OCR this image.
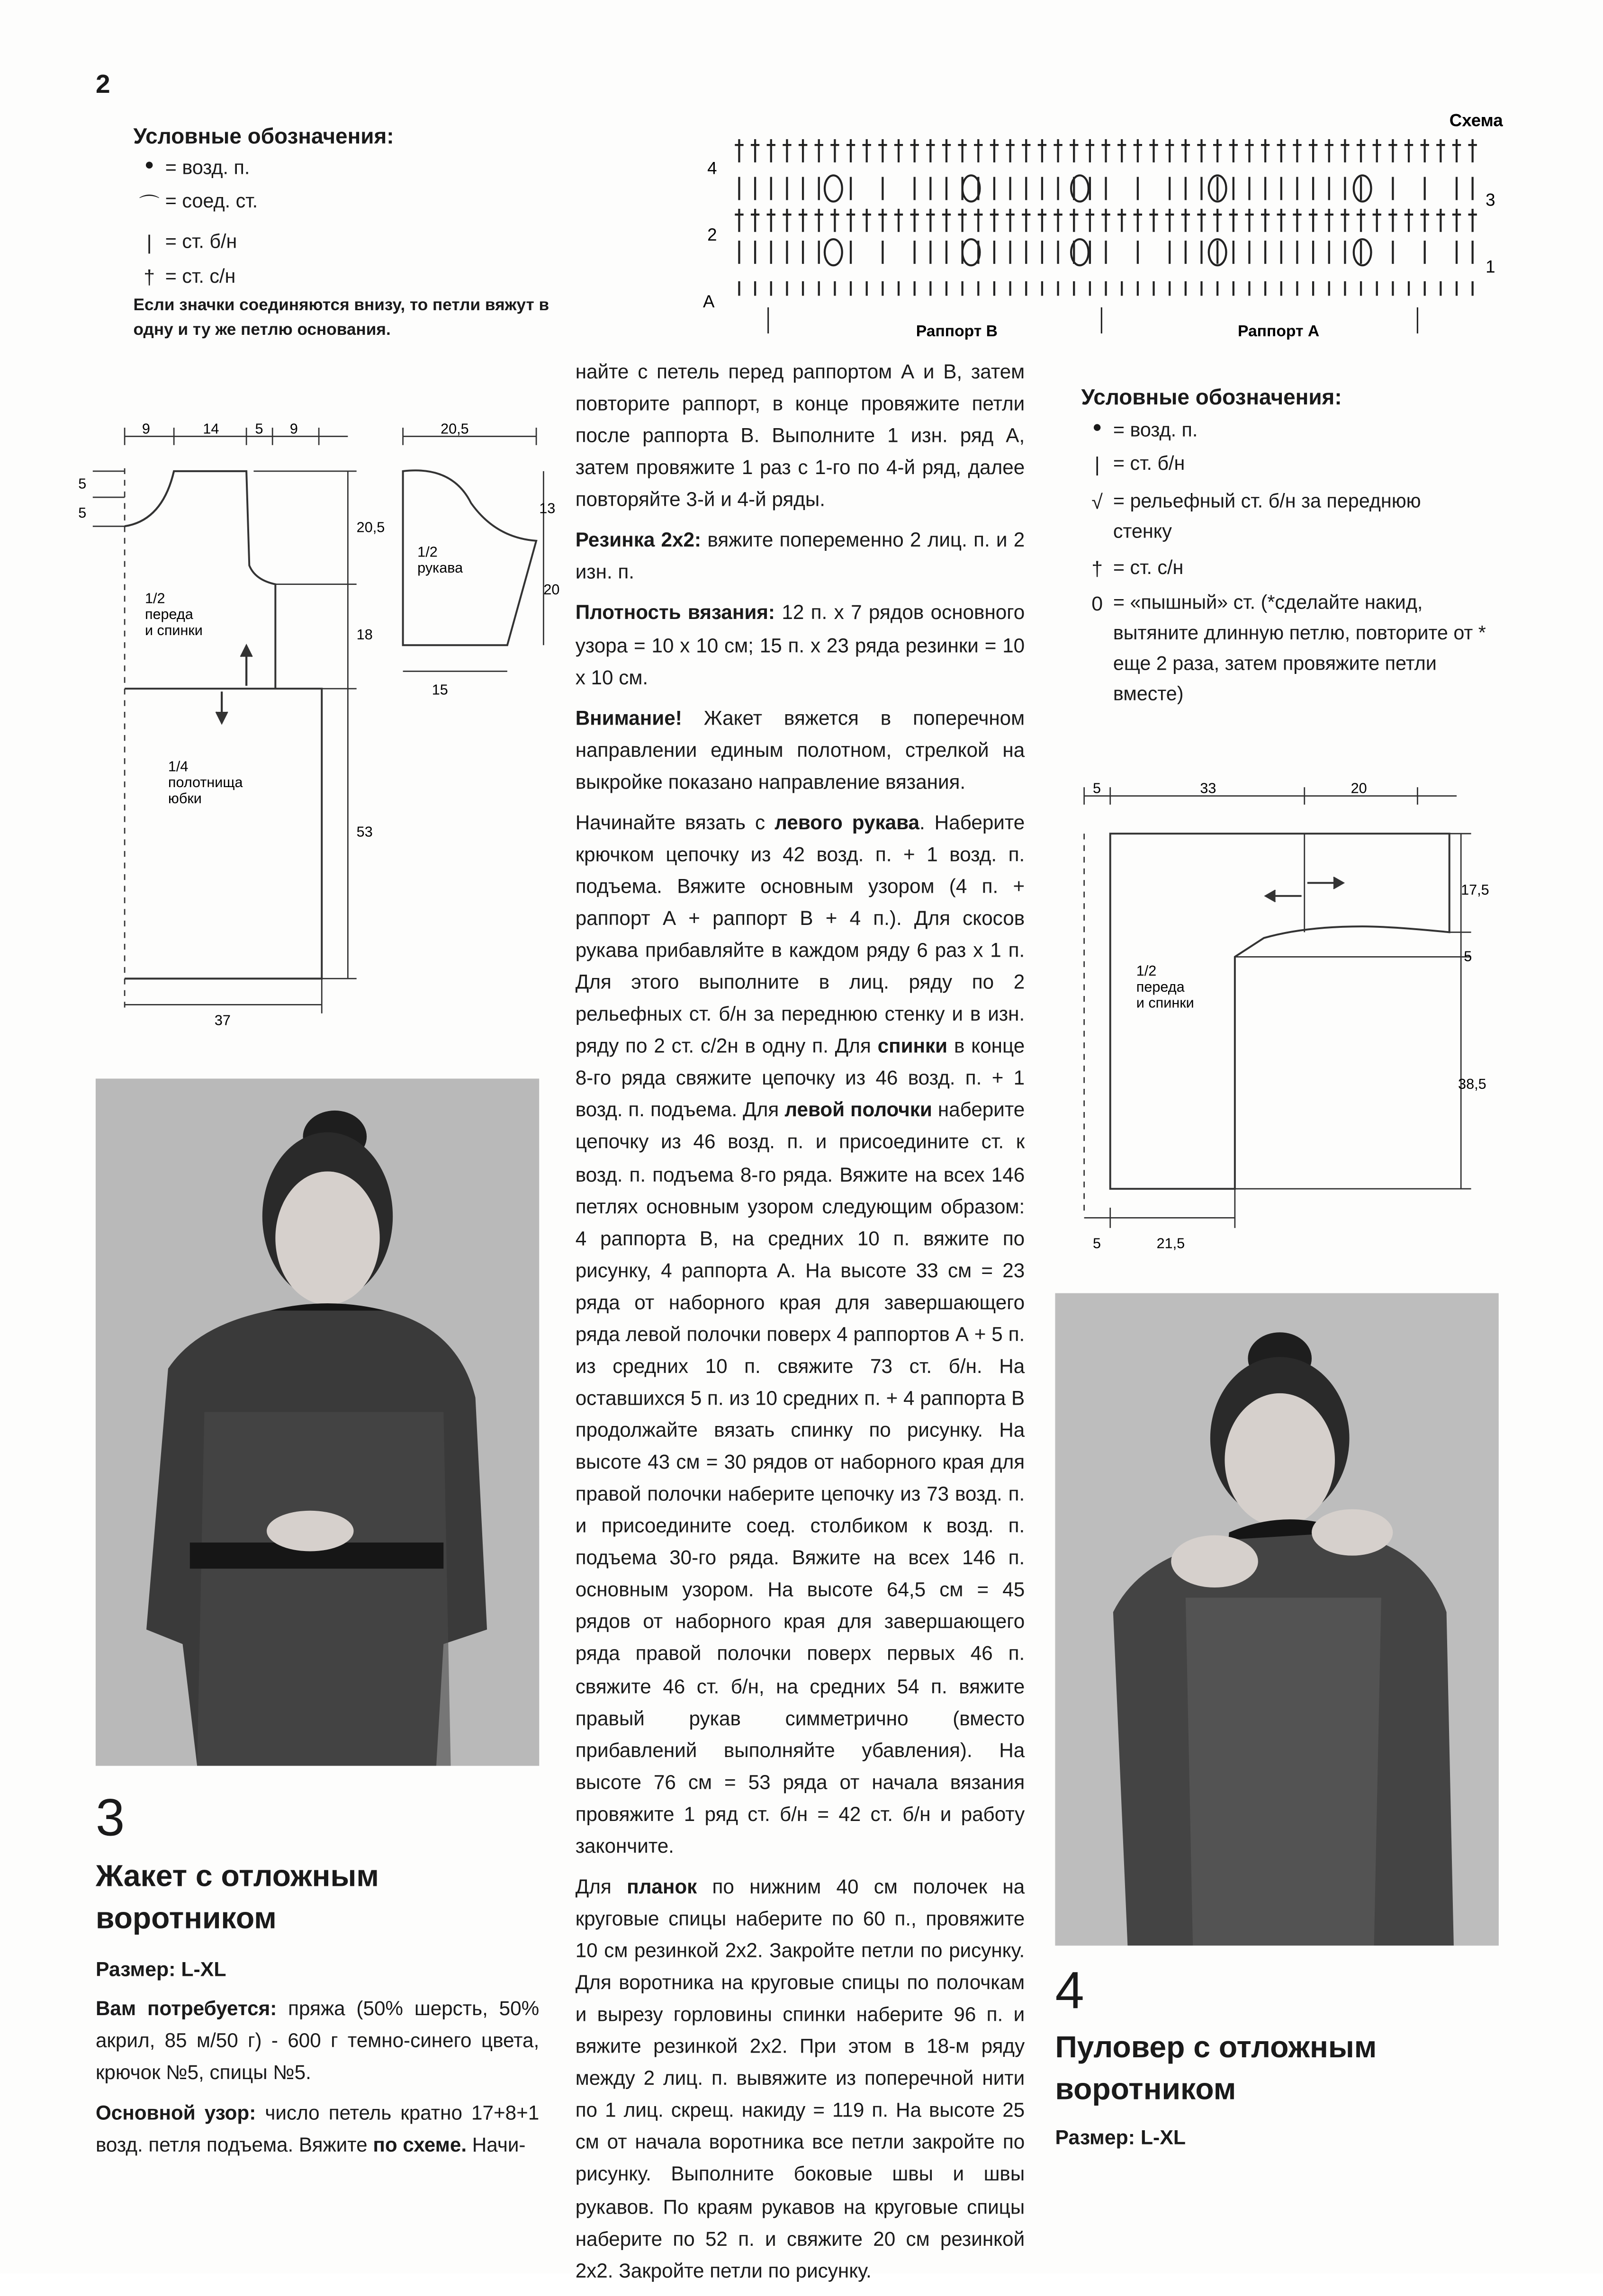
2
Условные обозначения:
●	= возд. п.
⌒ = соед. ст.
|	= ст. б/н
†	= ст. с/н
Если значки соединяются внизу, то петли вяжут в одну и ту же петлю основания.
Схема
4
2
A
3
1
Раппорт В	Раппорт А
9	14	5	9
5
5
20,5
18
53
37
1/2
переда
и спинки
1/4
полотнища
юбки
20,5
13
20
15
1/2
рукава
3
Жакет с отложным
воротником
Размер: L-XL

Вам потребуется: пряжа (50% шерсть, 50% акрил, 85 м/50 г) - 600 г темно-синего цвета, крючок №5, спицы №5.

Основной узор: число петель кратно 17+8+1 возд. петля подъема. Вяжите по схеме. Начи-

найте с петель перед раппортом А и В, затем повторите раппорт, в конце провяжите петли после раппорта В. Выполните 1 изн. ряд А, затем провяжите 1 раз с 1-го по 4-й ряд, далее повторяйте 3-й и 4-й ряды.

Резинка 2х2: вяжите попеременно 2 лиц. п. и 2 изн. п.

Плотность вязания: 12 п. х 7 рядов основного узора = 10 х 10 см; 15 п. х 23 ряда резинки = 10 х 10 см.

Внимание! Жакет вяжется в поперечном направлении единым полотном, стрелкой на выкройке показано направление вязания.

Начинайте вязать с левого рукава. Наберите крючком цепочку из 42 возд. п. + 1 возд. п. подъема. Вяжите основным узором (4 п. + раппорт А + раппорт В + 4 п.). Для скосов рукава прибавляйте в каждом ряду 6 раз х 1 п. Для этого выполните в лиц. ряду по 2 рельефных ст. б/н за переднюю стенку и в изн. ряду по 2 ст. с/2н в одну п. Для спинки в конце 8-го ряда свяжите цепочку из 46 возд. п. + 1 возд. п. подъема. Для левой полочки наберите цепочку из 46 возд. п. и присоедините ст. к возд. п. подъема 8-го ряда. Вяжите на всех 146 петлях основным узором следующим образом: 4 раппорта В, на средних 10 п. вяжите по рисунку, 4 раппорта А. На высоте 33 см = 23 ряда от наборного края для завершающего ряда левой полочки поверх 4 раппортов А + 5 п. из средних 10 п. свяжите 73 ст. б/н. На оставшихся 5 п. из 10 средних п. + 4 раппорта В продолжайте вязать спинку по рисунку. На высоте 43 см = 30 рядов от наборного края для правой полочки наберите цепочку из 73 возд. п. и присоедините соед. столбиком к возд. п. подъема 30-го ряда. Вяжите на всех 146 п. основным узором. На высоте 64,5 см = 45 рядов от наборного края для завершающего ряда правой полочки поверх первых 46 п. свяжите 46 ст. б/н, на средних 54 п. вяжите правый рукав симметрично (вместо прибавлений выполняйте убавления). На высоте 76 см = 53 ряда от начала вязания провяжите 1 ряд ст. б/н = 42 ст. б/н и работу закончите.

Для планок по нижним 40 см полочек на круговые спицы наберите по 60 п., провяжите 10 см резинкой 2х2. Закройте петли по рисунку. Для воротника на круговые спицы по полочкам и вырезу горловины спинки наберите 96 п. и вяжите резинкой 2х2. При этом в 18-м ряду между 2 лиц. п. вывяжите из поперечной нити по 1 лиц. скрещ. накиду = 119 п. На высоте 25 см от начала воротника все петли закройте по рисунку. Выполните боковые швы и швы рукавов. По краям рукавов на круговые спицы наберите по 52 п. и свяжите 20 см резинкой 2х2. Закройте петли по рисунку.

Условные обозначения:
●	= возд. п.
|	= ст. б/н
√	= рельефный ст. б/н за переднюю стенку
†	= ст. с/н
0	= «пышный» ст. (*сделайте накид, вытяните длинную петлю, повторите от * еще 2 раза, затем провяжите петли вместе)
5	33	20
17,5
5
38,5
5	21,5
1/2
переда
и спинки
4
Пуловер с отложным
воротником
Размер: L-XL
